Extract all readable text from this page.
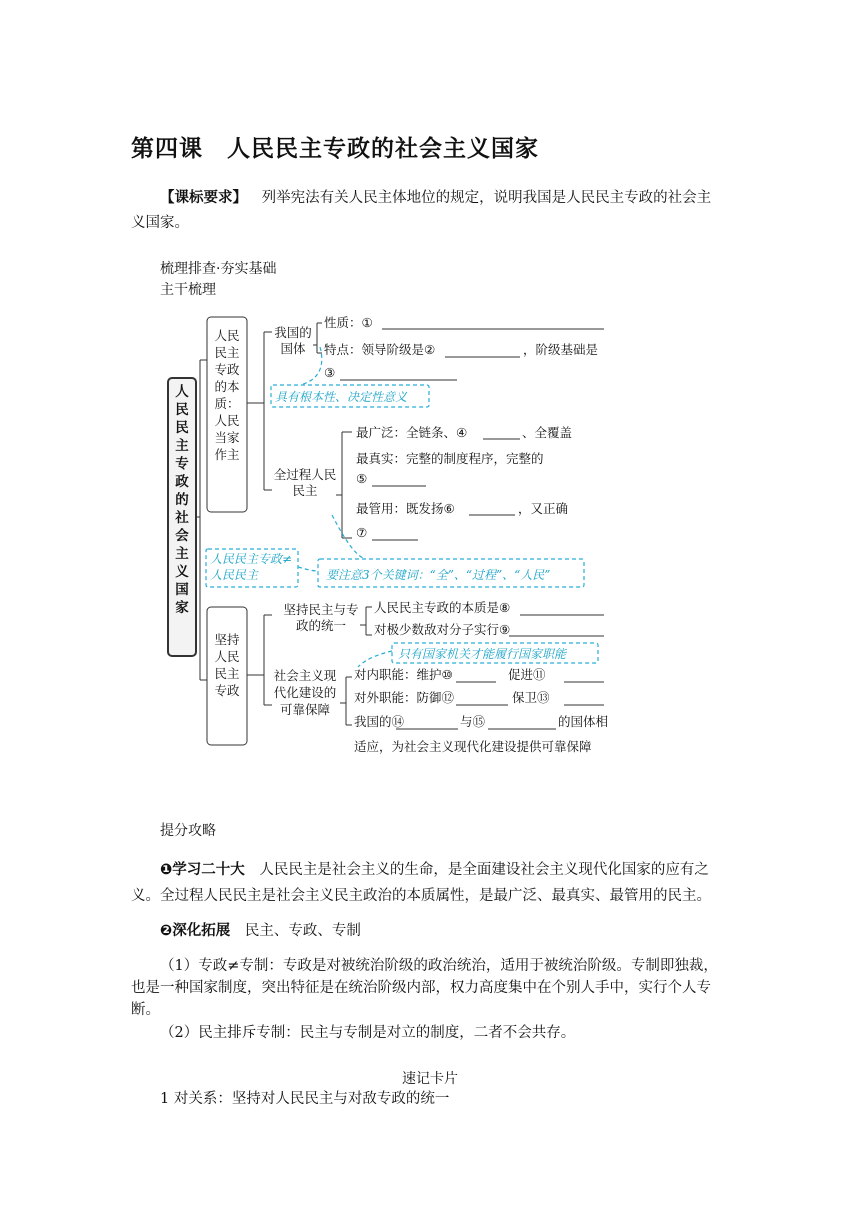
第四课　人民民主专政的社会主义国家
【课标要求】 列举宪法有关人民主体地位的规定，说明我国是人民民主专政的社会主
义国家。
梳理排查·夯实基础
主干梳理
人民民主专政的社会主义国家
人民民主专政的本质：人民当家作主
坚持人民民主专政
我国的国体
性质：①
特点：领导阶级是②	，阶级基础是
③
具有根本性、决定性意义
全过程人民民主
最广泛：全链条、④	、全覆盖
最真实：完整的制度程序，完整的
⑤
最管用：既发扬⑥	，又正确
⑦
人民民主专政≠人民民主	要注意3个关键词：“全”、“过程”、“人民”
坚持民主与专政的统一
人民民主专政的本质是⑧
对极少数敌对分子实行⑨
只有国家机关才能履行国家职能
社会主义现代化建设的可靠保障
对内职能：维护⑩	促进⑪
对外职能：防御⑫	保卫⑬
我国的⑭	与⑮	的国体相
适应，为社会主义现代化建设提供可靠保障
提分攻略
❶学习二十大 人民民主是社会主义的生命，是全面建设社会主义现代化国家的应有之
义。全过程人民民主是社会主义民主政治的本质属性，是最广泛、最真实、最管用的民主。
❷深化拓展 民主、专政、专制
（1）专政≠专制：专政是对被统治阶级的政治统治，适用于被统治阶级。专制即独裁，
也是一种国家制度，突出特征是在统治阶级内部，权力高度集中在个别人手中，实行个人专
断。
（2）民主排斥专制：民主与专制是对立的制度，二者不会共存。
速记卡片
1 对关系：坚持对人民民主与对敌专政的统一
